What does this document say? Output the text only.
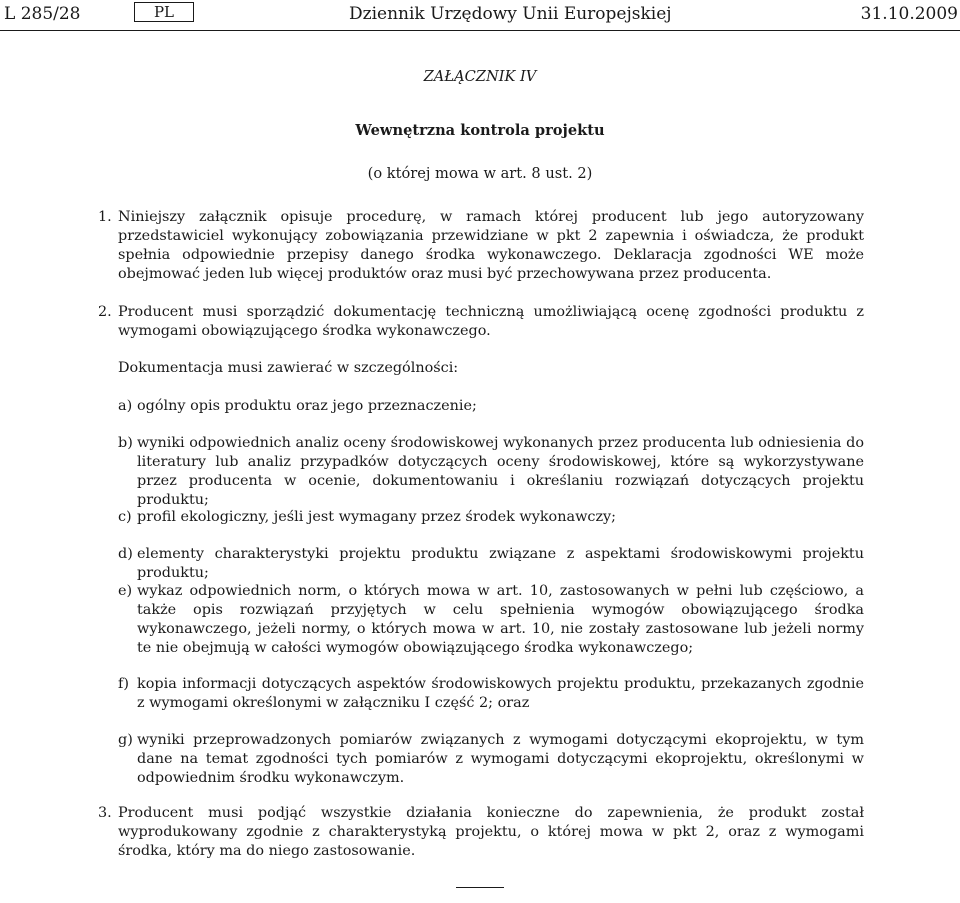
L 285/28	PL	Dziennik Urzędowy Unii Europejskiej	31.10.2009
ZAŁĄCZNIK IV
Wewnętrzna kontrola projektu
(o której mowa w art. 8 ust. 2)
1. Niniejszy załącznik opisuje procedurę, w ramach której producent lub jego autoryzowany przedstawiciel wykonujący zobowiązania przewidziane w pkt 2 zapewnia i oświadcza, że produkt spełnia odpowiednie przepisy danego środka wykonawczego. Deklaracja zgodności WE może obejmować jeden lub więcej produktów oraz musi być przechowywana przez producenta.
2. Producent musi sporządzić dokumentację techniczną umożliwiającą ocenę zgodności produktu z wymogami obowiązującego środka wykonawczego.
Dokumentacja musi zawierać w szczególności:
a) ogólny opis produktu oraz jego przeznaczenie;
b) wyniki odpowiednich analiz oceny środowiskowej wykonanych przez producenta lub odniesienia do literatury lub analiz przypadków dotyczących oceny środowiskowej, które są wykorzystywane przez producenta w ocenie, dokumentowaniu i określaniu rozwiązań dotyczących projektu produktu;
c) profil ekologiczny, jeśli jest wymagany przez środek wykonawczy;
d) elementy charakterystyki projektu produktu związane z aspektami środowiskowymi projektu produktu;
e) wykaz odpowiednich norm, o których mowa w art. 10, zastosowanych w pełni lub częściowo, a także opis rozwiązań przyjętych w celu spełnienia wymogów obowiązującego środka wykonawczego, jeżeli normy, o których mowa w art. 10, nie zostały zastosowane lub jeżeli normy te nie obejmują w całości wymogów obowiązującego środka wykonawczego;
f) kopia informacji dotyczących aspektów środowiskowych projektu produktu, przekazanych zgodnie z wymogami określonymi w załączniku I część 2; oraz
g) wyniki przeprowadzonych pomiarów związanych z wymogami dotyczącymi ekoprojektu, w tym dane na temat zgodności tych pomiarów z wymogami dotyczącymi ekoprojektu, określonymi w odpowiednim środku wykonawczym.
3. Producent musi podjąć wszystkie działania konieczne do zapewnienia, że produkt został wyprodukowany zgodnie z charakterystyką projektu, o której mowa w pkt 2, oraz z wymogami środka, który ma do niego zastosowanie.
